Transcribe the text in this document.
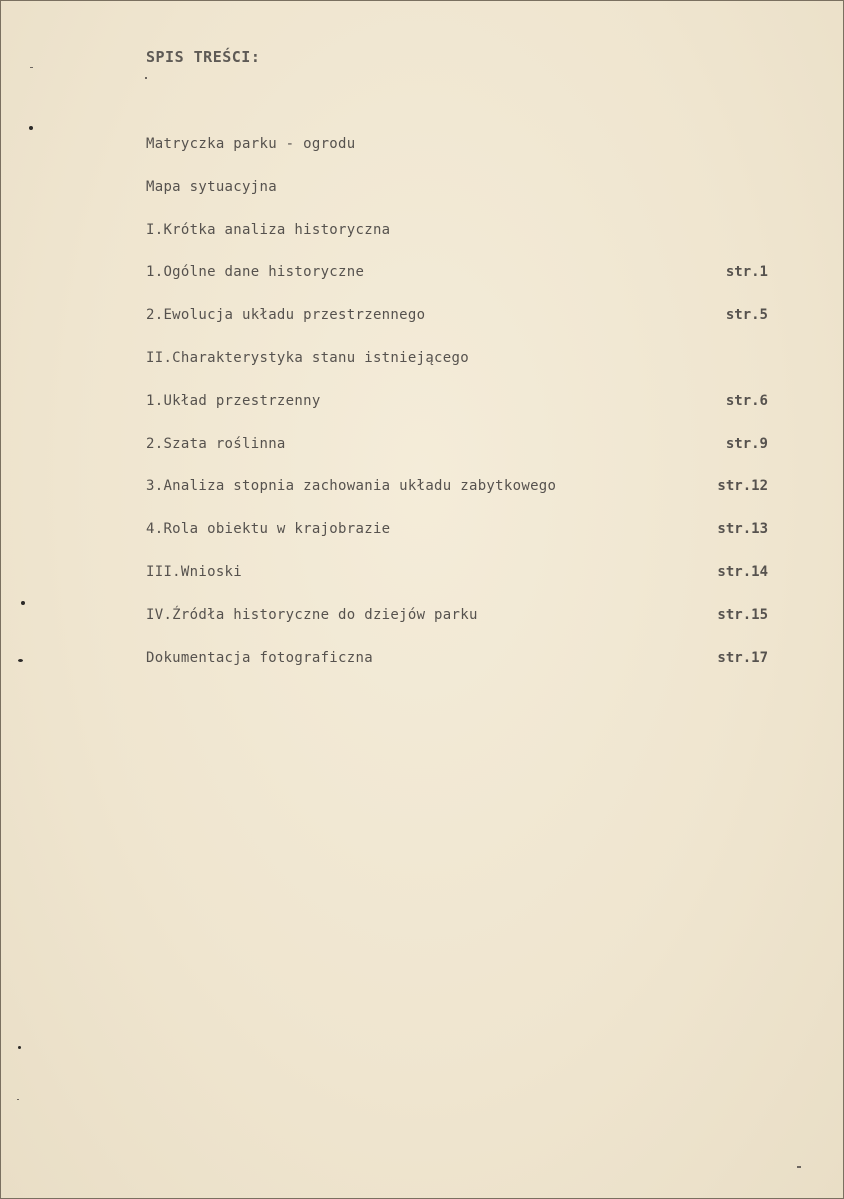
SPIS TREŚCI:
Matryczka parku - ogrodu
Mapa sytuacyjna
I.Krótka analiza historyczna
1.Ogólne dane historyczne	str.1
2.Ewolucja układu przestrzennego	str.5
II.Charakterystyka stanu istniejącego
1.Układ przestrzenny	str.6
2.Szata roślinna	str.9
3.Analiza stopnia zachowania układu zabytkowego	str.12
4.Rola obiektu w krajobrazie	str.13
III.Wnioski	str.14
IV.Źródła historyczne do dziejów parku	str.15
Dokumentacja fotograficzna	str.17
